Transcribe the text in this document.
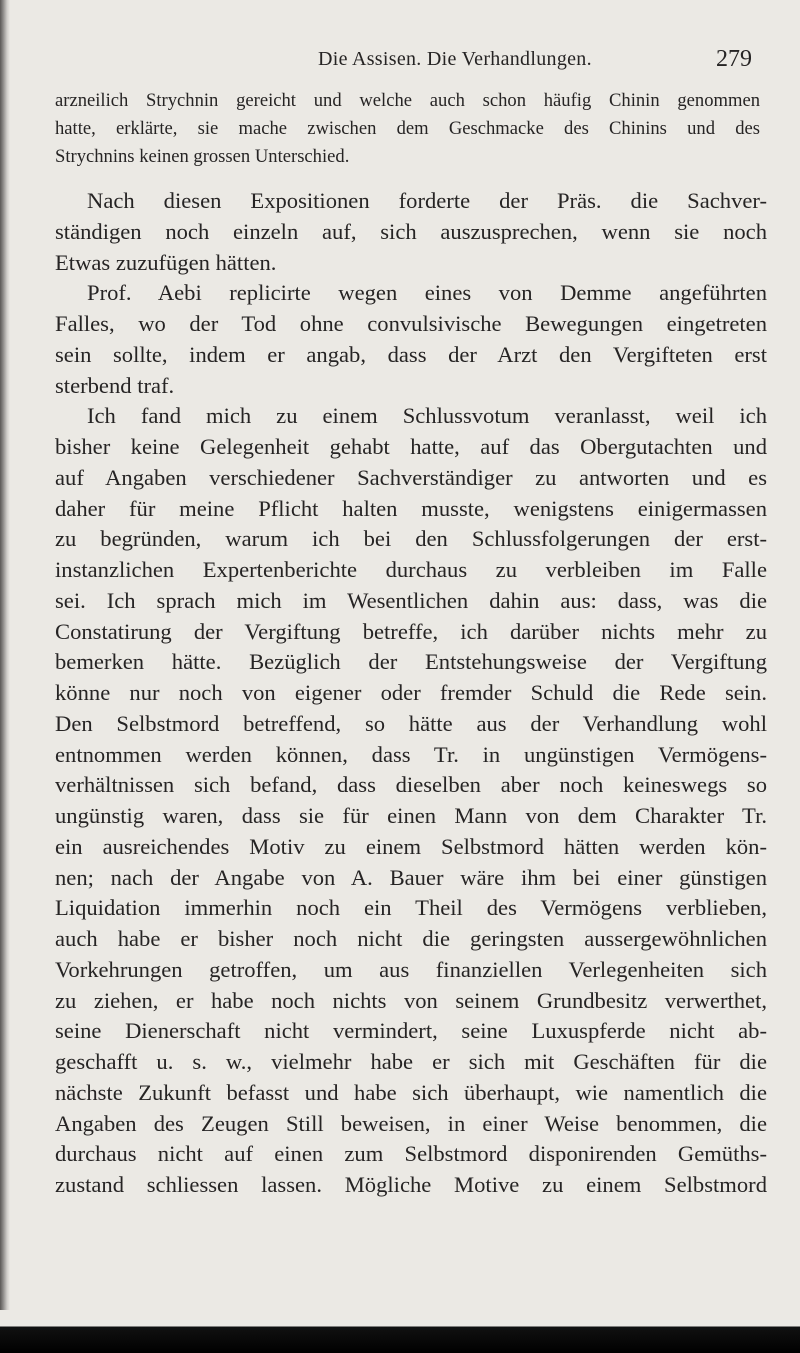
Die Assisen. Die Verhandlungen.	279
arzneilich Strychnin gereicht und welche auch schon häufig Chinin genommen
hatte, erklärte, sie mache zwischen dem Geschmacke des Chinins und des
Strychnins keinen grossen Unterschied.
Nach diesen Expositionen forderte der Präs. die Sachver-
ständigen noch einzeln auf, sich auszusprechen, wenn sie noch
Etwas zuzufügen hätten.
Prof. Aebi replicirte wegen eines von Demme angeführten
Falles, wo der Tod ohne convulsivische Bewegungen eingetreten
sein sollte, indem er angab, dass der Arzt den Vergifteten erst
sterbend traf.
Ich fand mich zu einem Schlussvotum veranlasst, weil ich
bisher keine Gelegenheit gehabt hatte, auf das Obergutachten und
auf Angaben verschiedener Sachverständiger zu antworten und es
daher für meine Pflicht halten musste, wenigstens einigermassen
zu begründen, warum ich bei den Schlussfolgerungen der erst-
instanzlichen Expertenberichte durchaus zu verbleiben im Falle
sei. Ich sprach mich im Wesentlichen dahin aus: dass, was die
Constatirung der Vergiftung betreffe, ich darüber nichts mehr zu
bemerken hätte. Bezüglich der Entstehungsweise der Vergiftung
könne nur noch von eigener oder fremder Schuld die Rede sein.
Den Selbstmord betreffend, so hätte aus der Verhandlung wohl
entnommen werden können, dass Tr. in ungünstigen Vermögens-
verhältnissen sich befand, dass dieselben aber noch keineswegs so
ungünstig waren, dass sie für einen Mann von dem Charakter Tr.
ein ausreichendes Motiv zu einem Selbstmord hätten werden kön-
nen; nach der Angabe von A. Bauer wäre ihm bei einer günstigen
Liquidation immerhin noch ein Theil des Vermögens verblieben,
auch habe er bisher noch nicht die geringsten aussergewöhnlichen
Vorkehrungen getroffen, um aus finanziellen Verlegenheiten sich
zu ziehen, er habe noch nichts von seinem Grundbesitz verwerthet,
seine Dienerschaft nicht vermindert, seine Luxuspferde nicht ab-
geschafft u. s. w., vielmehr habe er sich mit Geschäften für die
nächste Zukunft befasst und habe sich überhaupt, wie namentlich die
Angaben des Zeugen Still beweisen, in einer Weise benommen, die
durchaus nicht auf einen zum Selbstmord disponirenden Gemüths-
zustand schliessen lassen. Mögliche Motive zu einem Selbstmord
